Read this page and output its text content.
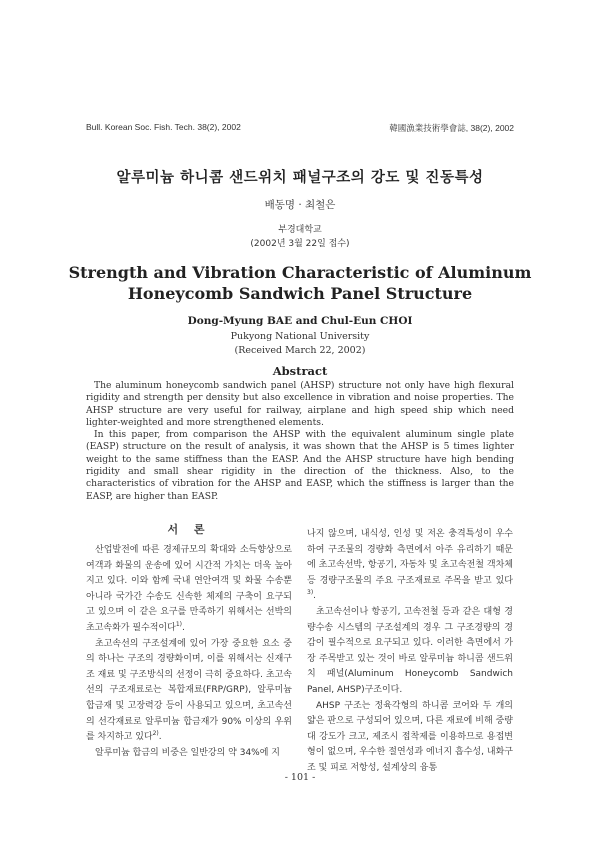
Bull. Korean Soc. Fish. Tech. 38(2), 2002	韓國漁業技術學會誌, 38(2), 2002
알루미늄 하니콤 샌드위치 패널구조의 강도 및 진동특성
배동명 · 최철은
부경대학교
(2002년 3월 22일 접수)
Strength and Vibration Characteristic of Aluminum
Honeycomb Sandwich Panel Structure
Dong-Myung BAE and Chul-Eun CHOI
Pukyong National University
(Received March 22, 2002)
Abstract

The aluminum honeycomb sandwich panel (AHSP) structure not only have high flexural rigidity and strength per density but also excellence in vibration and noise properties. The AHSP structure are very useful for railway, airplane and high speed ship which need lighter-weighted and more strengthened elements.

In this paper, from comparison the AHSP with the equivalent aluminum single plate (EASP) structure on the result of analysis, it was shown that the AHSP is 5 times lighter weight to the same stiffness than the EASP. And the AHSP structure have high bending rigidity and small shear rigidity in the direction of the thickness. Also, to the characteristics of vibration for the AHSP and EASP, which the stiffness is larger than the EASP, are higher than EASP.

서 론

산업발전에 따른 경제규모의 확대와 소득향상으로 여객과 화물의 운송에 있어 시간적 가치는 더욱 높아지고 있다. 이와 함께 국내 연안여객 및 화물 수송뿐 아니라 국가간 수송도 신속한 체제의 구축이 요구되고 있으며 이 같은 요구를 만족하기 위해서는 선박의 초고속화가 필수적이다$^{1)}$.

초고속선의 구조설계에 있어 가장 중요한 요소 중의 하나는 구조의 경량화이며, 이를 위해서는 신재구조 재료 및 구조방식의 선정이 극히 중요하다. 초고속선의 구조재료로는 복합재료(FRP/GRP), 알루미늄 합금재 및 고장력강 등이 사용되고 있으며, 초고속선의 선각재료로 알루미늄 합금재가 90% 이상의 우위를 차지하고 있다$^{2)}$.

알루미늄 합금의 비중은 일반강의 약 34%에 지

나지 않으며, 내식성, 인성 및 저온 충격특성이 우수하여 구조물의 경량화 측면에서 아주 유리하기 때문에 초고속선박, 항공기, 자동차 및 초고속전철 객차체 등 경량구조물의 주요 구조재료로 주목을 받고 있다$^{3)}$.

초고속선이나 항공기, 고속전철 등과 같은 대형 경량수송 시스템의 구조설계의 경우 그 구조경량의 경감이 필수적으로 요구되고 있다. 이러한 측면에서 가장 주목받고 있는 것이 바로 알루미늄 하니콤 샌드위치 패널(Aluminum Honeycomb Sandwich Panel, AHSP)구조이다.

AHSP 구조는 정육각형의 하니콤 코어와 두 개의 얇은 판으로 구성되어 있으며, 다른 재료에 비해 중량대 강도가 크고, 제조시 접착제를 이용하므로 용접변형이 없으며, 우수한 절연성과 에너지 흡수성, 내화구조 및 피로 저항성, 설계상의 융통

- 101 -
